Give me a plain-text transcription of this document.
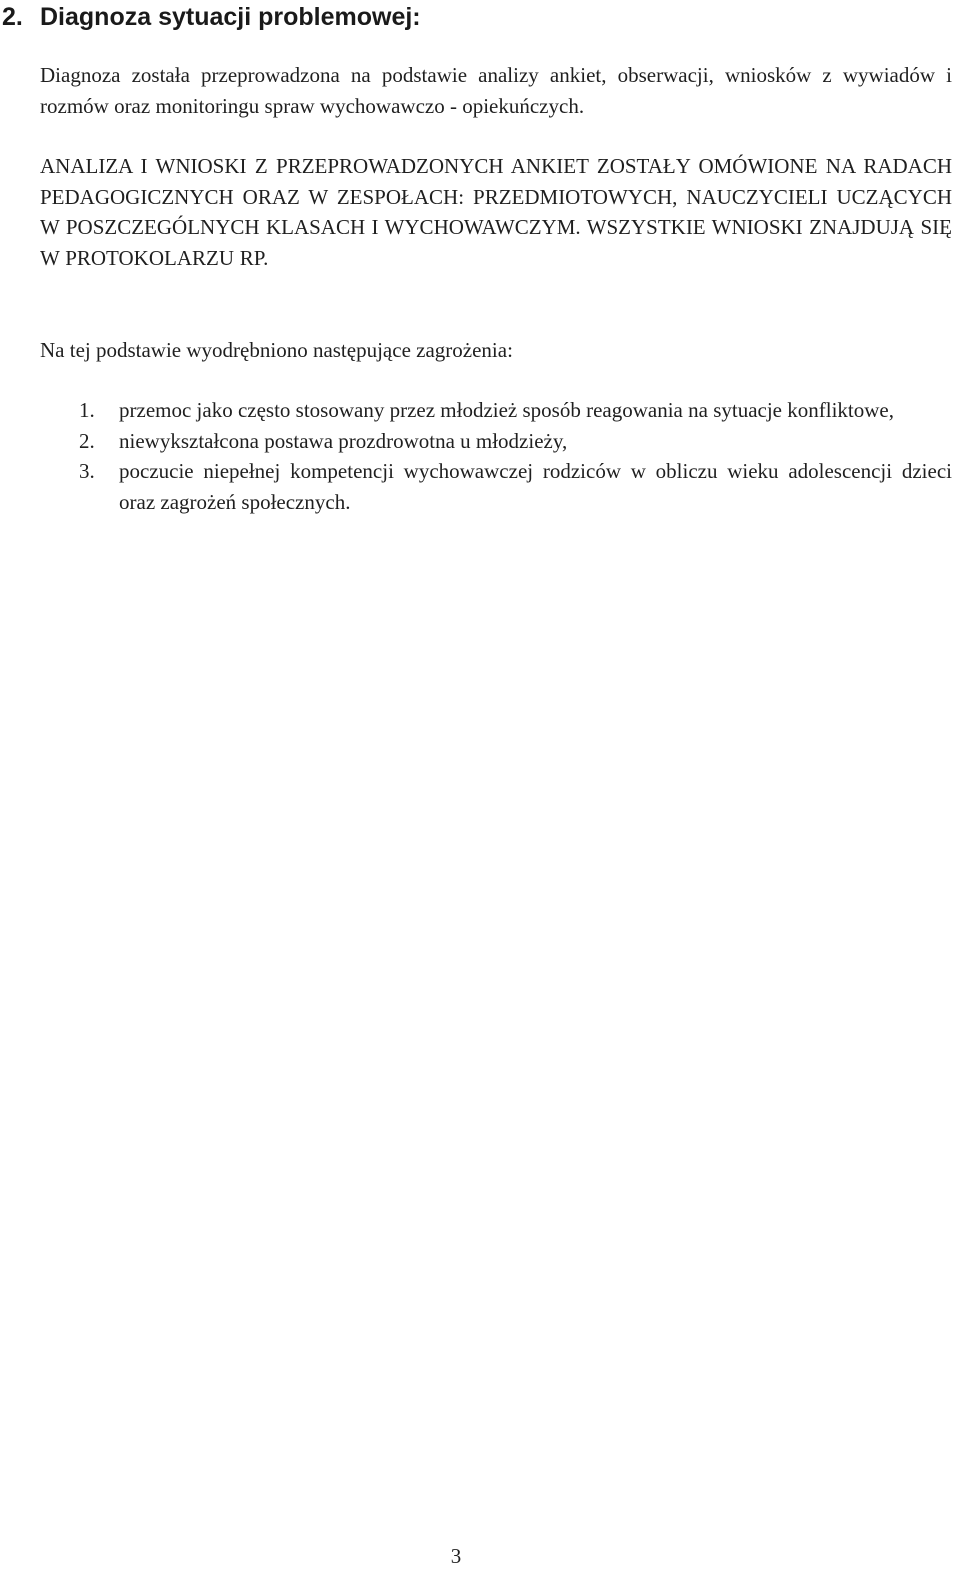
2. Diagnoza sytuacji problemowej:

Diagnoza została przeprowadzona na podstawie analizy ankiet, obserwacji, wniosków z wywiadów i rozmów oraz monitoringu spraw wychowawczo - opiekuńczych.

ANALIZA I WNIOSKI Z PRZEPROWADZONYCH ANKIET ZOSTAŁY OMÓWIONE NA RADACH PEDAGOGICZNYCH ORAZ W ZESPOŁACH: PRZEDMIOTOWYCH, NAUCZYCIELI UCZĄCYCH W POSZCZEGÓLNYCH KLASACH I WYCHOWAWCZYM. WSZYSTKIE WNIOSKI ZNAJDUJĄ SIĘ W PROTOKOLARZU RP.

Na tej podstawie wyodrębniono następujące zagrożenia:

1. przemoc jako często stosowany przez młodzież sposób reagowania na sytuacje konfliktowe,
2. niewykształcona postawa prozdrowotna u młodzieży,
3. poczucie niepełnej kompetencji wychowawczej rodziców w obliczu wieku adolescencji dzieci oraz zagrożeń społecznych.
3
